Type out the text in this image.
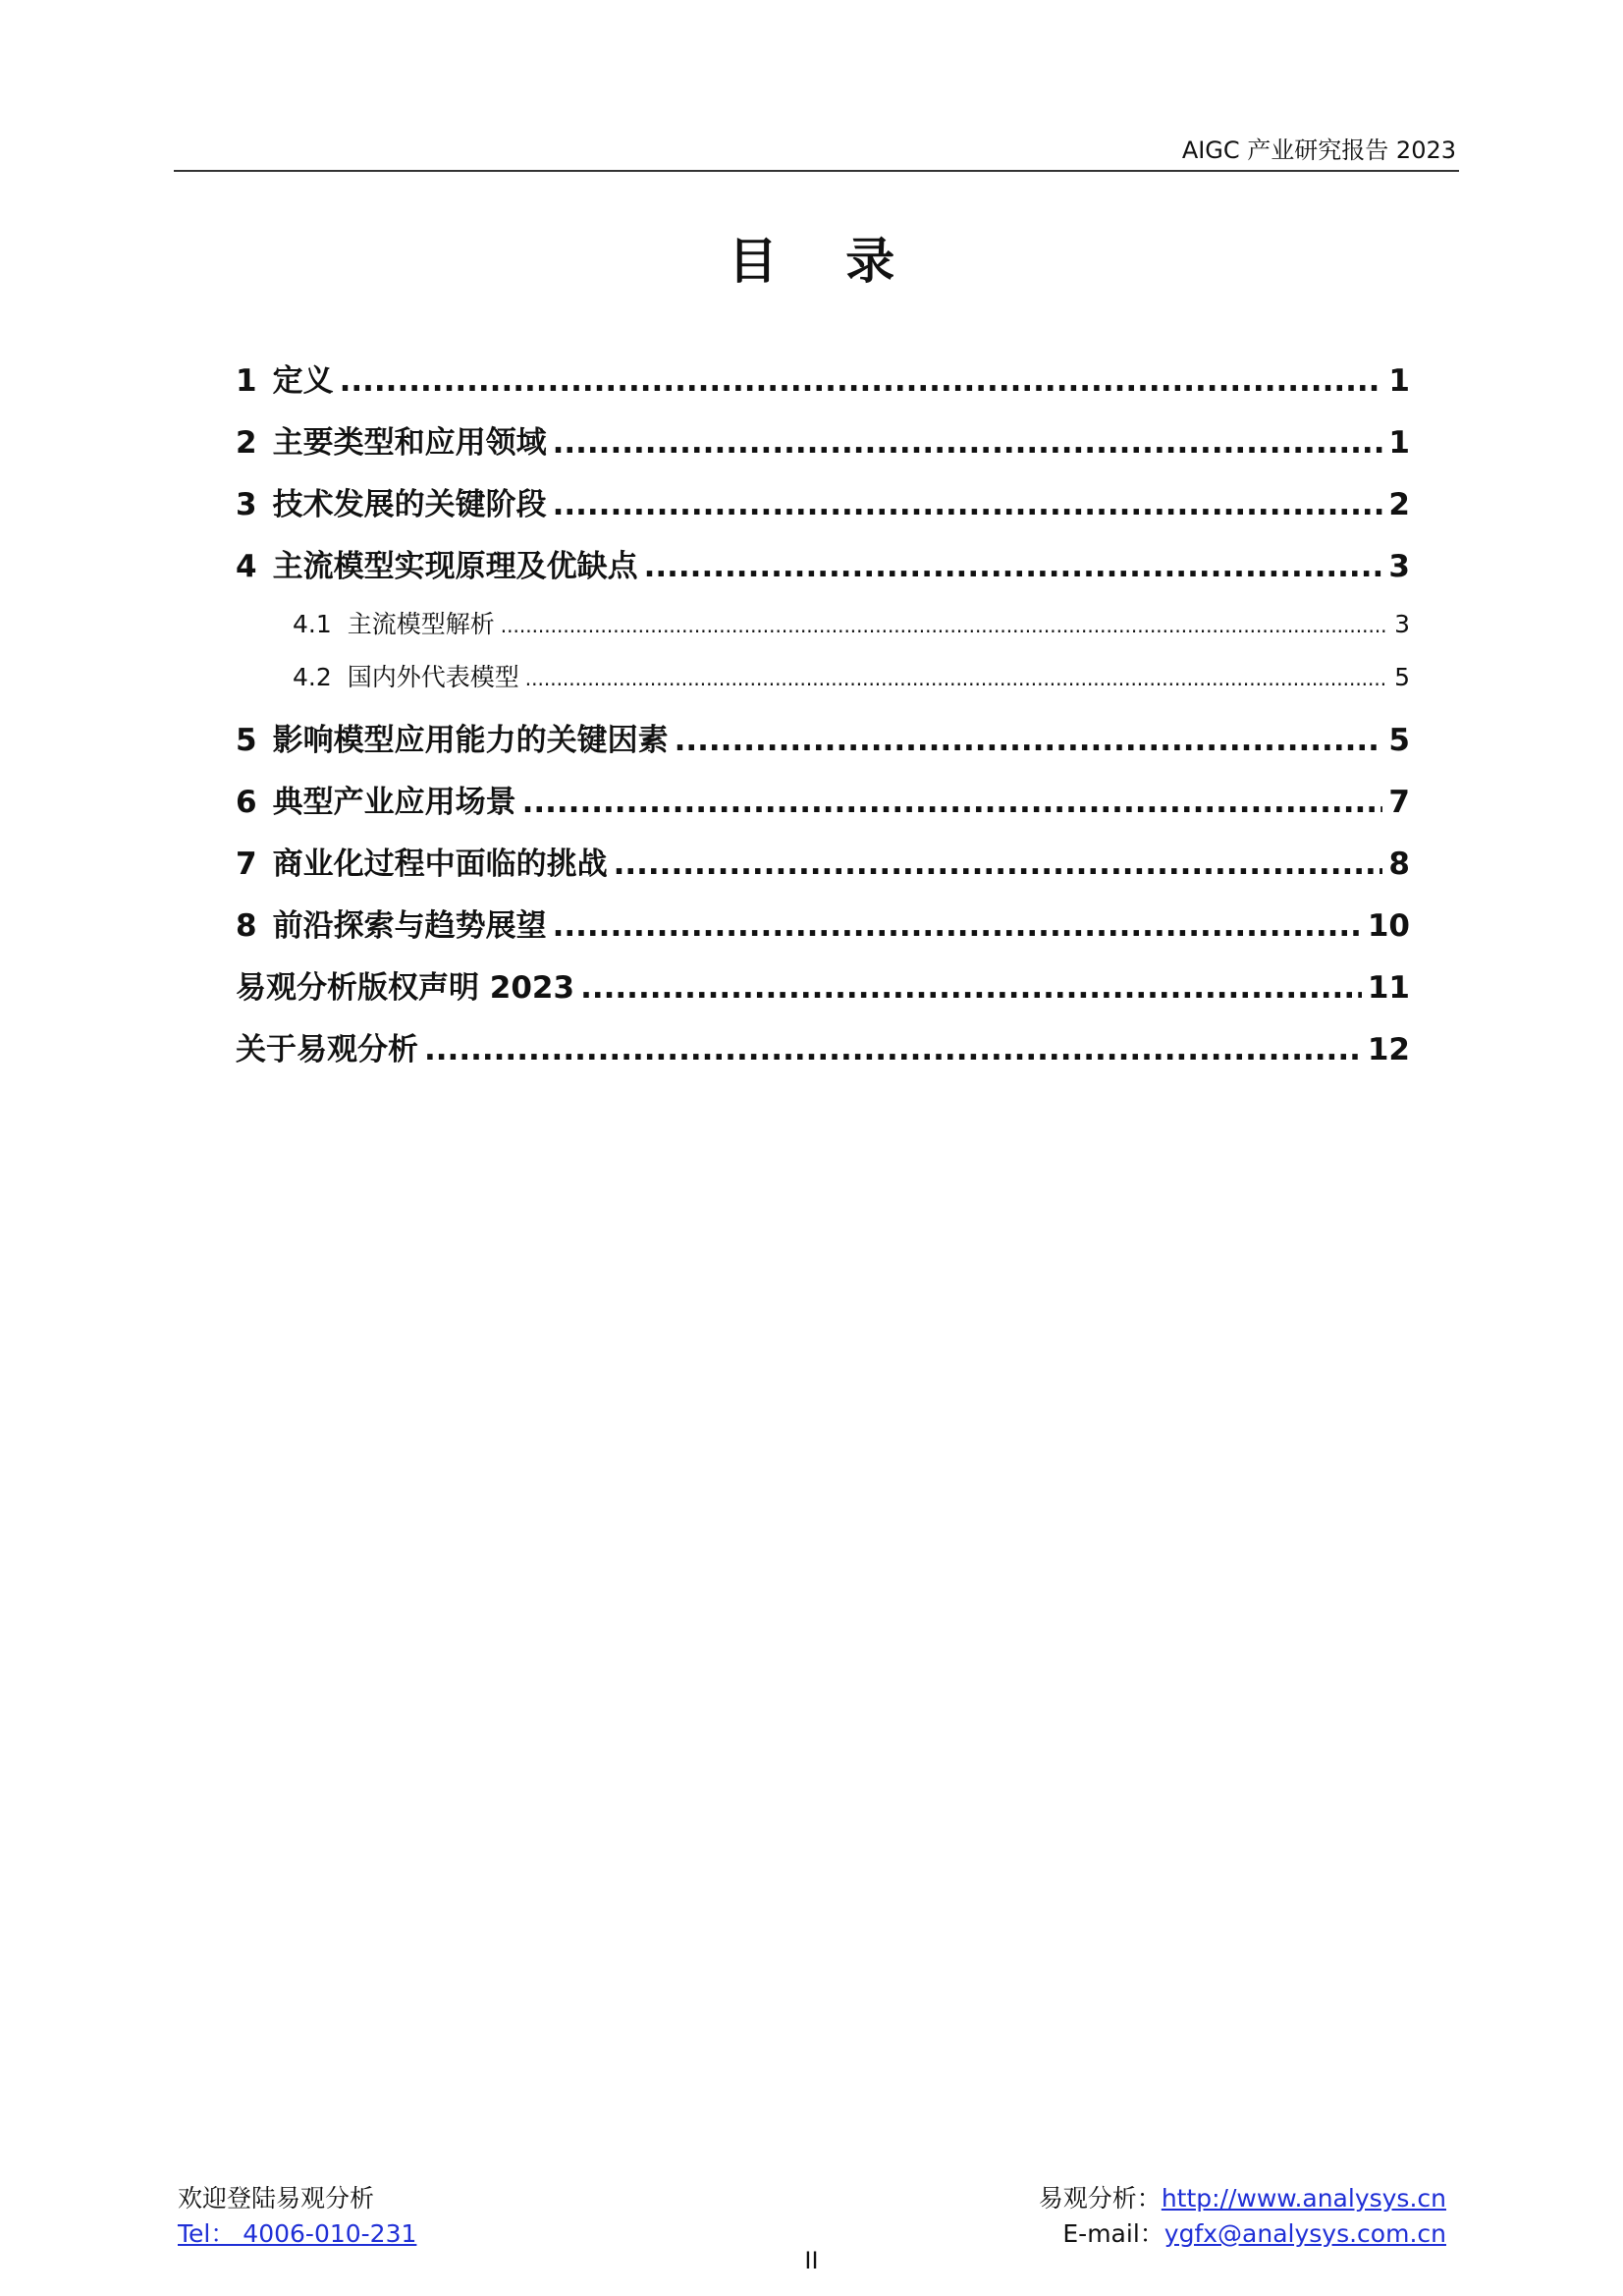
AIGC 产业研究报告 2023
目 录
1 定义 .....	1
2 主要类型和应用领域 .....	1
3 技术发展的关键阶段 .....	2
4 主流模型实现原理及优缺点 .....	3
4.1 主流模型解析 .....	3
4.2 国内外代表模型 .....	5
5 影响模型应用能力的关键因素 .....	5
6 典型产业应用场景 .....	7
7 商业化过程中面临的挑战 .....	8
8 前沿探索与趋势展望 .....	10
易观分析版权声明 2023 .....	11
关于易观分析 .....	12
欢迎登陆易观分析
Tel： 4006-010-231
易观分析：http://www.analysys.cn
E-mail：ygfx@analysys.com.cn
II
